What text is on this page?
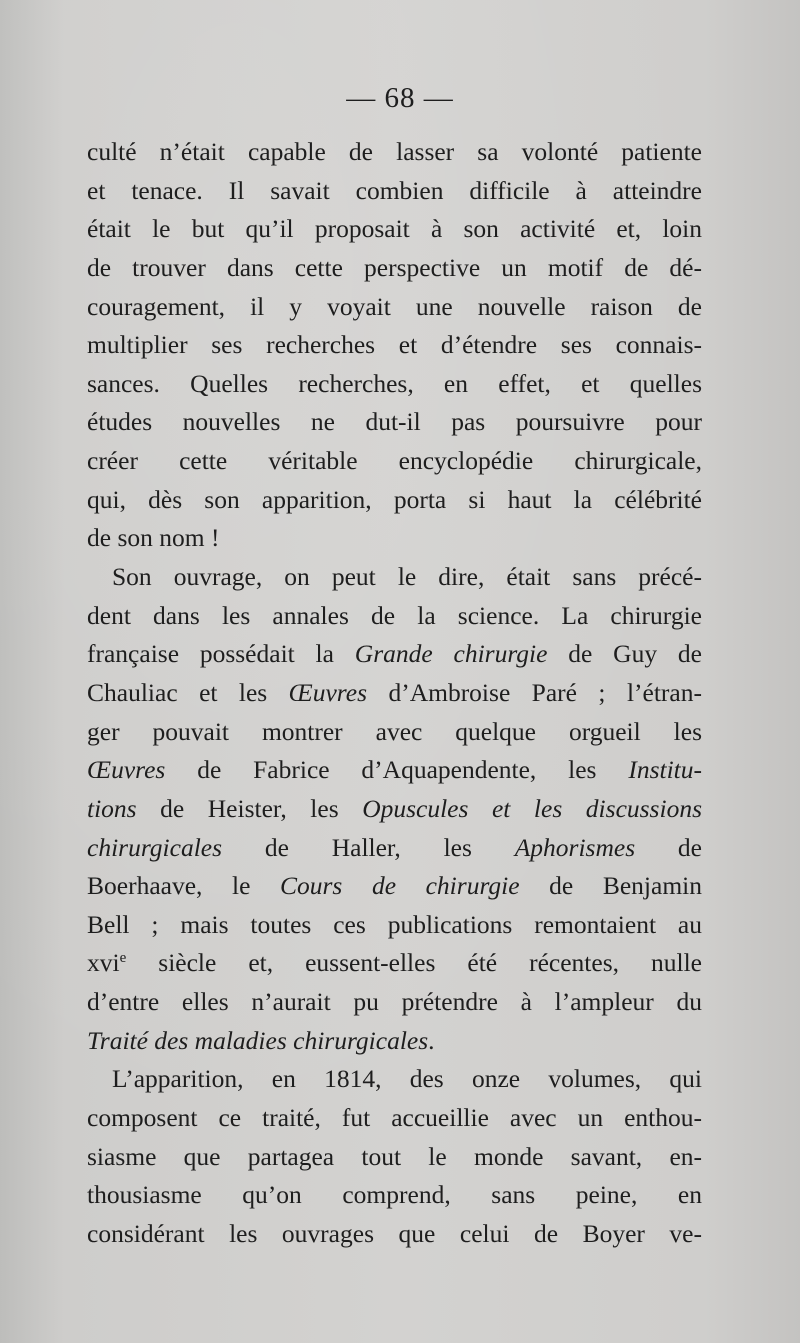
— 68 —
culté n’était capable de lasser sa volonté patiente
et tenace. Il savait combien difficile à atteindre
était le but qu’il proposait à son activité et, loin
de trouver dans cette perspective un motif de dé-
couragement, il y voyait une nouvelle raison de
multiplier ses recherches et d’étendre ses connais-
sances. Quelles recherches, en effet, et quelles
études nouvelles ne dut-il pas poursuivre pour
créer cette véritable encyclopédie chirurgicale,
qui, dès son apparition, porta si haut la célébrité
de son nom !
Son ouvrage, on peut le dire, était sans précé-
dent dans les annales de la science. La chirurgie
française possédait la Grande chirurgie de Guy de
Chauliac et les Œuvres d’Ambroise Paré ; l’étran-
ger pouvait montrer avec quelque orgueil les
Œuvres de Fabrice d’Aquapendente, les Institu-
tions de Heister, les Opuscules et les discussions
chirurgicales de Haller, les Aphorismes de
Boerhaave, le Cours de chirurgie de Benjamin
Bell ; mais toutes ces publications remontaient au
xvi$^e$ siècle et, eussent-elles été récentes, nulle
d’entre elles n’aurait pu prétendre à l’ampleur du
Traité des maladies chirurgicales.
L’apparition, en 1814, des onze volumes, qui
composent ce traité, fut accueillie avec un enthou-
siasme que partagea tout le monde savant, en-
thousiasme qu’on comprend, sans peine, en
considérant les ouvrages que celui de Boyer ve-
